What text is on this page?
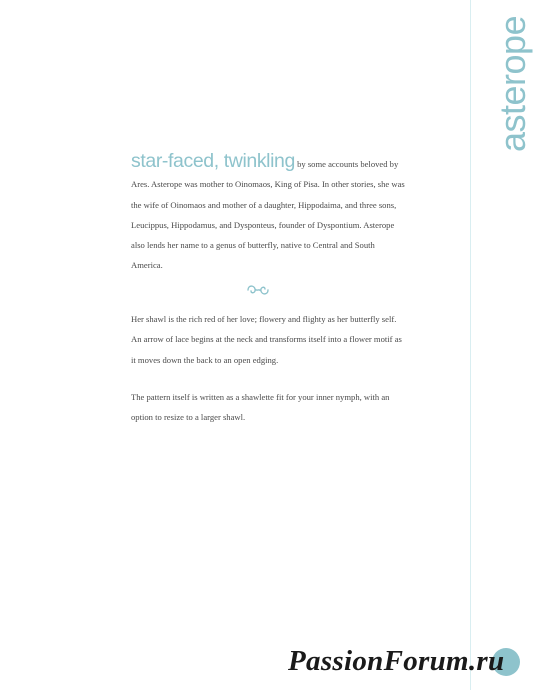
asterope
star-faced, twinkling by some accounts beloved by Ares. Asterope was mother to Oinomaos, King of Pisa. In other stories, she was the wife of Oinomaos and mother of a daughter, Hippodaima, and three sons, Leucippus, Hippodamus, and Dysponteus, founder of Dyspontium. Asterope also lends her name to a genus of butterfly, native to Central and South America.
Her shawl is the rich red of her love; flowery and flighty as her butterfly self. An arrow of lace begins at the neck and transforms itself into a flower motif as it moves down the back to an open edging.
The pattern itself is written as a shawlette fit for your inner nymph, with an option to resize to a larger shawl.
PassionForum.ru
